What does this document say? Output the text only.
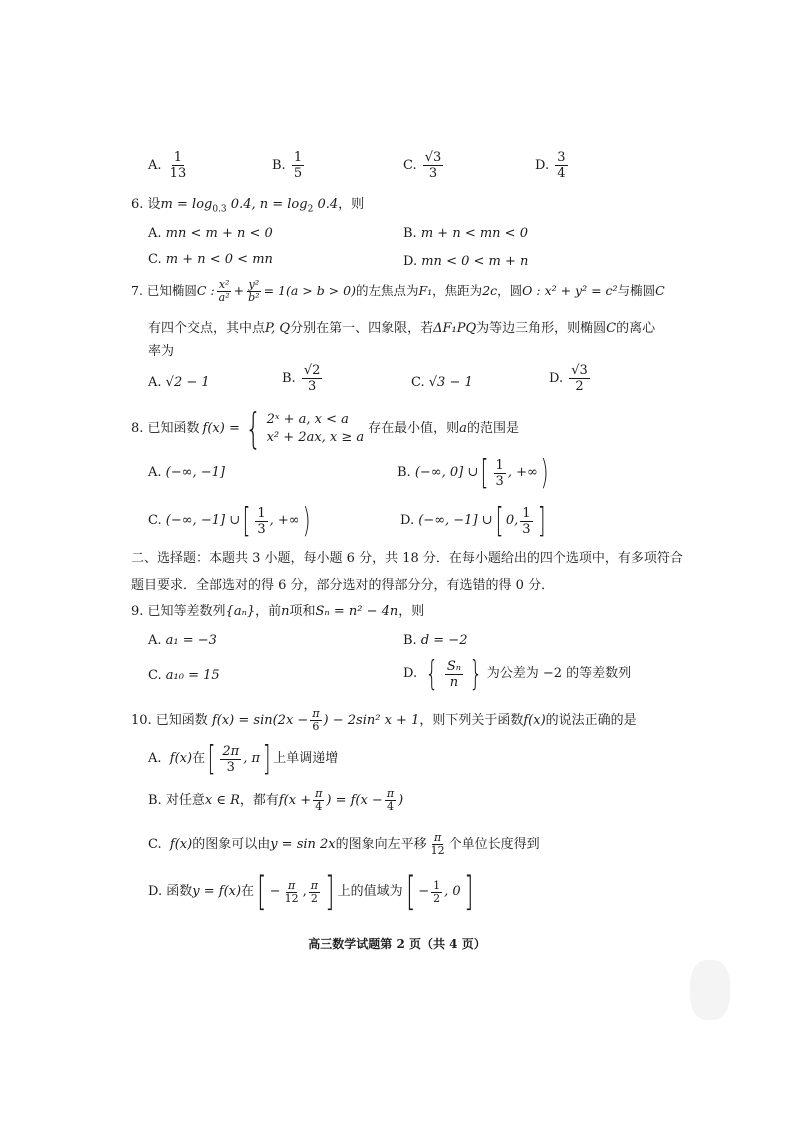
A. $\frac{1}{13}$	B. $\frac{1}{5}$	C. $\frac{√3}{3}$	D. $\frac{3}{4}$
6. 设$m = \log_{0.3} 0.4$, $n = \log_2 0.4$，则
A. mn < m + n < 0	B. m + n < mn < 0
C. m + n < 0 < mn	D. mn < 0 < m + n
7. 已知椭圆C : $\frac{\text{x²}}{\text{a²}} + \frac{\text{y²}}{\text{b²}} = 1(a > b > 0)$的左焦点为F₁，焦距为2c，圆O : x² + y² = c²与椭圆C
有四个交点，其中点P, Q分别在第一、四象限，若ΔF₁PQ为等边三角形，则椭圆C的离心
率为
A. √2 − 1	B. $\frac{√2}{3}$	C. √3 − 1	D. $\frac{√3}{2}$
8. 已知函数 f(x) = { 2ˣ + a, x < a
x² + 2ax, x ≥ a
存在最小值，则 a 的范围是
A. (−∞, −1]	B.
(−∞, 0] ∪ [ $\frac{1}{3}$ , +∞ )
C.
(−∞, −1] ∪ [ $\frac{1}{3}$ , +∞ )	D.
(−∞, −1] ∪ [ 0, $\frac{1}{3}$ ]
二、选择题：本题共 3 小题，每小题 6 分，共 18 分．在每小题给出的四个选项中，有多项符合
题目要求．全部选对的得 6 分，部分选对的得部分分，有选错的得 0 分．
9. 已知等差数列{aₙ}，前n项和Sₙ = n² − 4n，则
A. a₁ = −3	B. d = −2
C. a₁₀ = 15	D.
{ $\frac{\text{Sₙ}}{n}$ } 为公差为 −2 的等差数列
10. 已知函数
$f(x) = \sin(2x - \frac{\pi}{6}$ ) − 2sin² x + 1 ，则下列关于函数 f(x) 的说法正确的是
A.
f(x) 在 [ $\frac{2\pi}{3}$ , π ] 上单调递增
B.
对任意 x ∈ R ，都有 $f(x + \frac{\pi}{4}$ ) = $f(x - \frac{\pi}{4}$ )
C.
f(x) 的图象可以由 y = sin 2x 的图象向左平移 $\frac{\pi}{12}$ 个单位长度得到
D.
函数 y = f(x) 在 [ − $\frac{\pi}{12}$ , $\frac{\pi}{2}$ ] 上的值域为 [ − $\frac{1}{2}$ , 0 ]
高三数学试题第 2 页（共 4 页）
